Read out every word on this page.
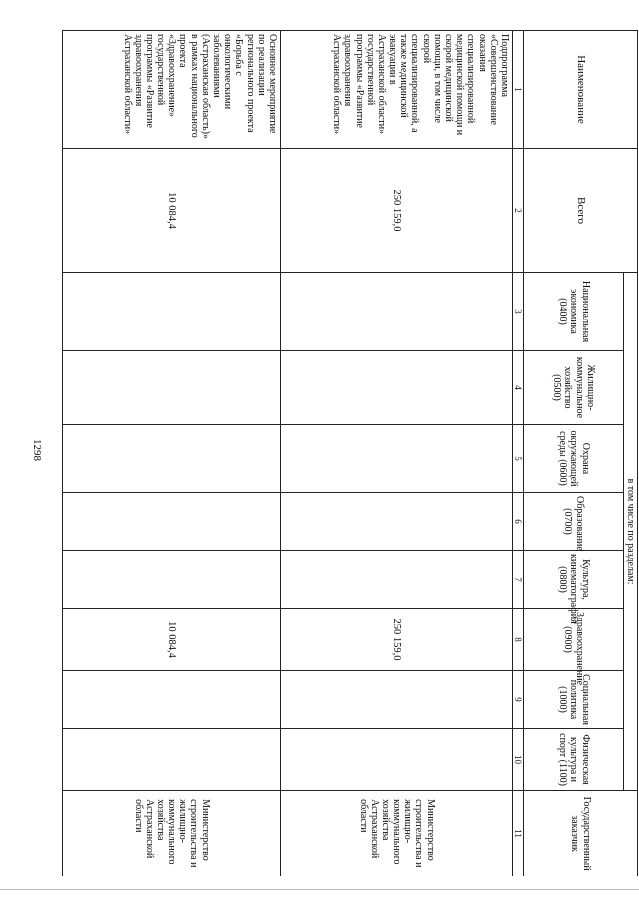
1298
Наименование	Всего	в том числе по разделам:								Государственный заказчик
		Национальная экономика (0400)	Жилищно-коммунальное хозяйство (0500)	Охрана окружающей среды (0600)	Образование (0700)	Культура, кинематография (0800)	Здравоохранение (0900)	Социальная политика (1000)	Физическая культура и спорт (1100)	
1	2	3	4	5	6	7	8	9	10	11
Подпрограмма «Совершенствование оказания специализированной медицинской помощи и скорой медицинской помощи, в том числе скорой специализированной, а также медицинской эвакуации в Астраханской области» государственной программы «Развитие здравоохранения Астраханской области»	250 159,0						250 159,0			Министерство строительства и жилищно-коммунального хозяйства Астраханской области
Основное мероприятие по реализации регионального проекта «Борьба с онкологическими заболеваниями (Астраханская область)» в рамках национального проекта «Здравоохранение» государственной программы «Развитие здравоохранения Астраханской области»	10 084,4						10 084,4			Министерство строительства и жилищно-коммунального хозяйства Астраханской области
